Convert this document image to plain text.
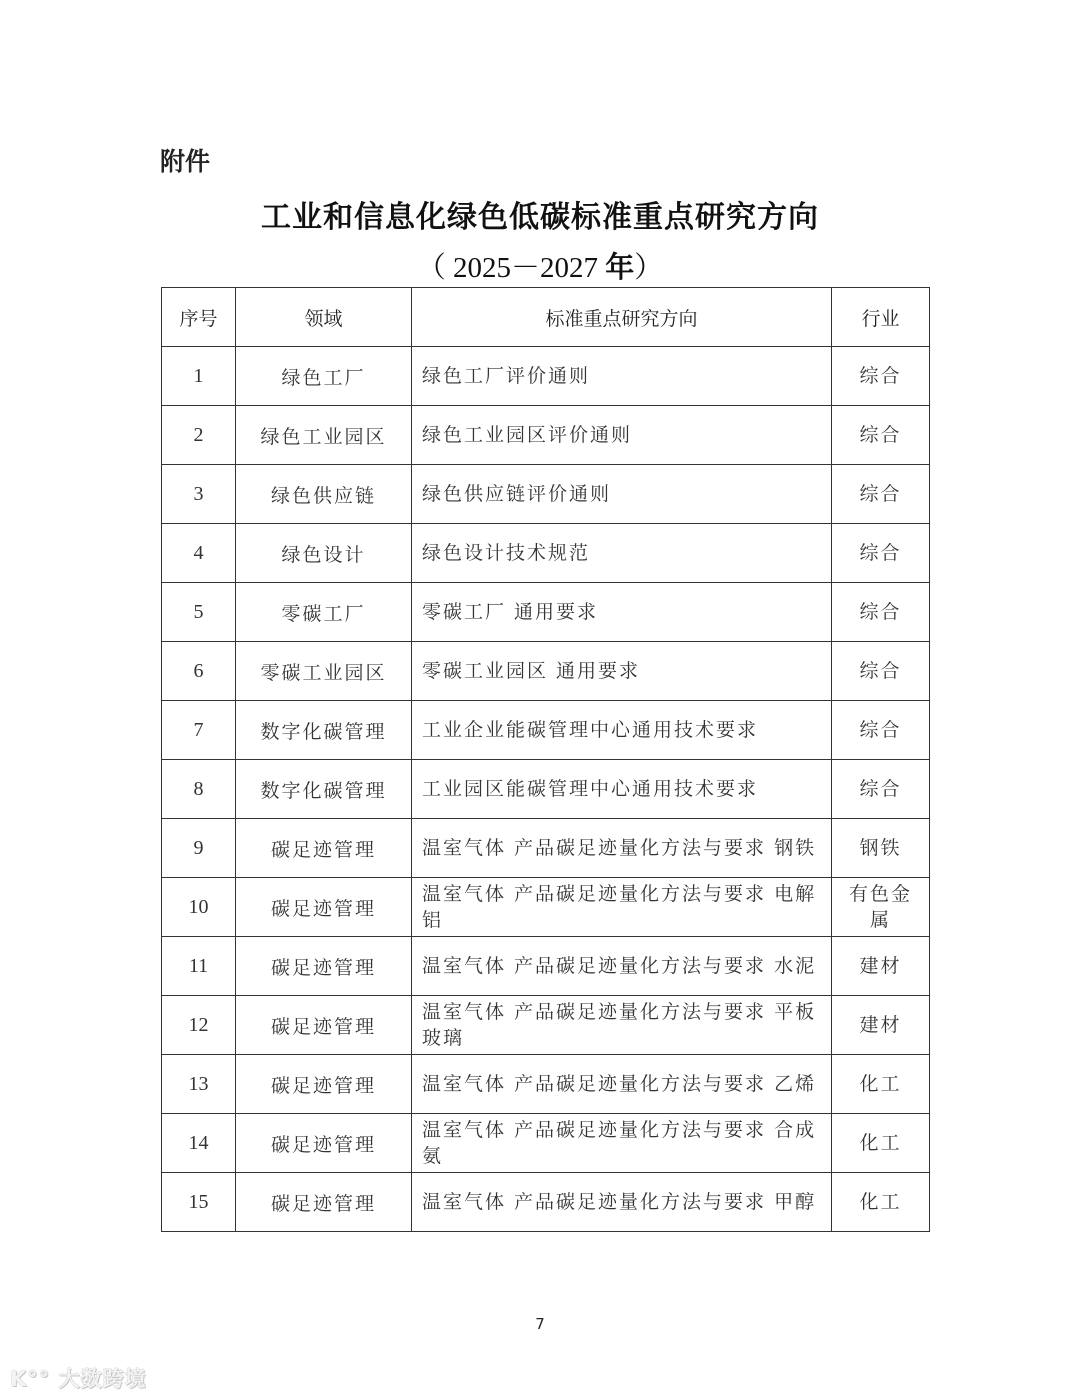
附件
工业和信息化绿色低碳标准重点研究方向
（ 2025－2027 年）
序号	领域	标准重点研究方向	行业
1	绿色工厂	绿色工厂评价通则	综合
2	绿色工业园区	绿色工业园区评价通则	综合
3	绿色供应链	绿色供应链评价通则	综合
4	绿色设计	绿色设计技术规范	综合
5	零碳工厂	零碳工厂 通用要求	综合
6	零碳工业园区	零碳工业园区 通用要求	综合
7	数字化碳管理	工业企业能碳管理中心通用技术要求	综合
8	数字化碳管理	工业园区能碳管理中心通用技术要求	综合
9	碳足迹管理	温室气体 产品碳足迹量化方法与要求 钢铁	钢铁
10	碳足迹管理	温室气体 产品碳足迹量化方法与要求 电解铝	有色金属
11	碳足迹管理	温室气体 产品碳足迹量化方法与要求 水泥	建材
12	碳足迹管理	温室气体 产品碳足迹量化方法与要求 平板玻璃	建材
13	碳足迹管理	温室气体 产品碳足迹量化方法与要求 乙烯	化工
14	碳足迹管理	温室气体 产品碳足迹量化方法与要求 合成氨	化工
15	碳足迹管理	温室气体 产品碳足迹量化方法与要求 甲醇	化工
7
K°° 大数跨境
